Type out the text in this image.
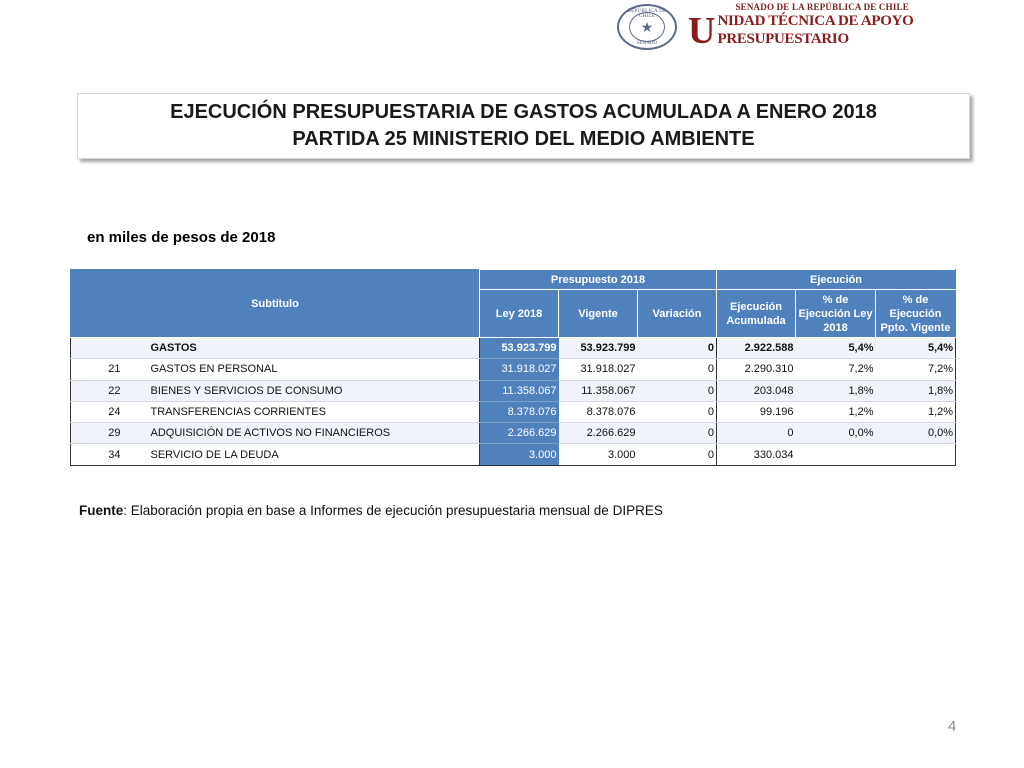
REPÚBLICA DE CHILE
★
SENADO U
SENADO DE LA REPÚBLICA DE CHILE
NIDAD TÉCNICA DE APOYO PRESUPUESTARIO
EJECUCIÓN PRESUPUESTARIA DE GASTOS ACUMULADA A ENERO 2018
PARTIDA 25 MINISTERIO DEL MEDIO AMBIENTE
en miles de pesos de 2018
Subtítulo		Presupuesto 2018			Ejecución		
		Ley 2018	Vigente	Variación	Ejecución Acumulada	% de Ejecución Ley 2018	% de Ejecución Ppto. Vigente
	GASTOS	53.923.799	53.923.799	0	2.922.588	5,4%	5,4%
21	GASTOS EN PERSONAL	31.918.027	31.918.027	0	2.290.310	7,2%	7,2%
22	BIENES Y SERVICIOS DE CONSUMO	11.358.067	11.358.067	0	203.048	1,8%	1,8%
24	TRANSFERENCIAS CORRIENTES	8.378.076	8.378.076	0	99.196	1,2%	1,2%
29	ADQUISICIÓN DE ACTIVOS NO FINANCIEROS	2.266.629	2.266.629	0	0	0,0%	0,0%
34	SERVICIO DE LA DEUDA	3.000	3.000	0	330.034		
Fuente: Elaboración propia en base a Informes de ejecución presupuestaria mensual de DIPRES
4
